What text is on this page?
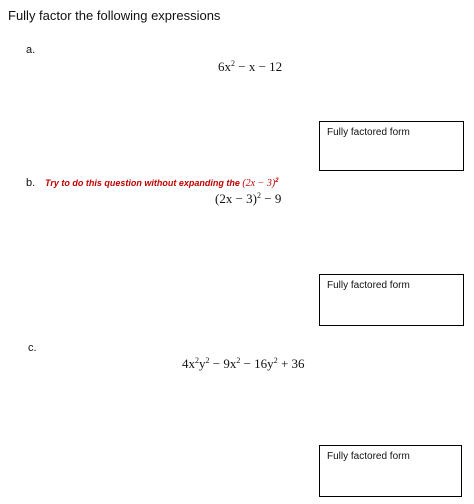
Fully factor the following expressions
a.
$6x^2 - x - 12$
Fully factored form
b. Try to do this question without expanding the $(2x - 3)^2$
$(2x - 3)^2 - 9$
Fully factored form
c.
$4x^2y^2 - 9x^2 - 16y^2 + 36$
Fully factored form
